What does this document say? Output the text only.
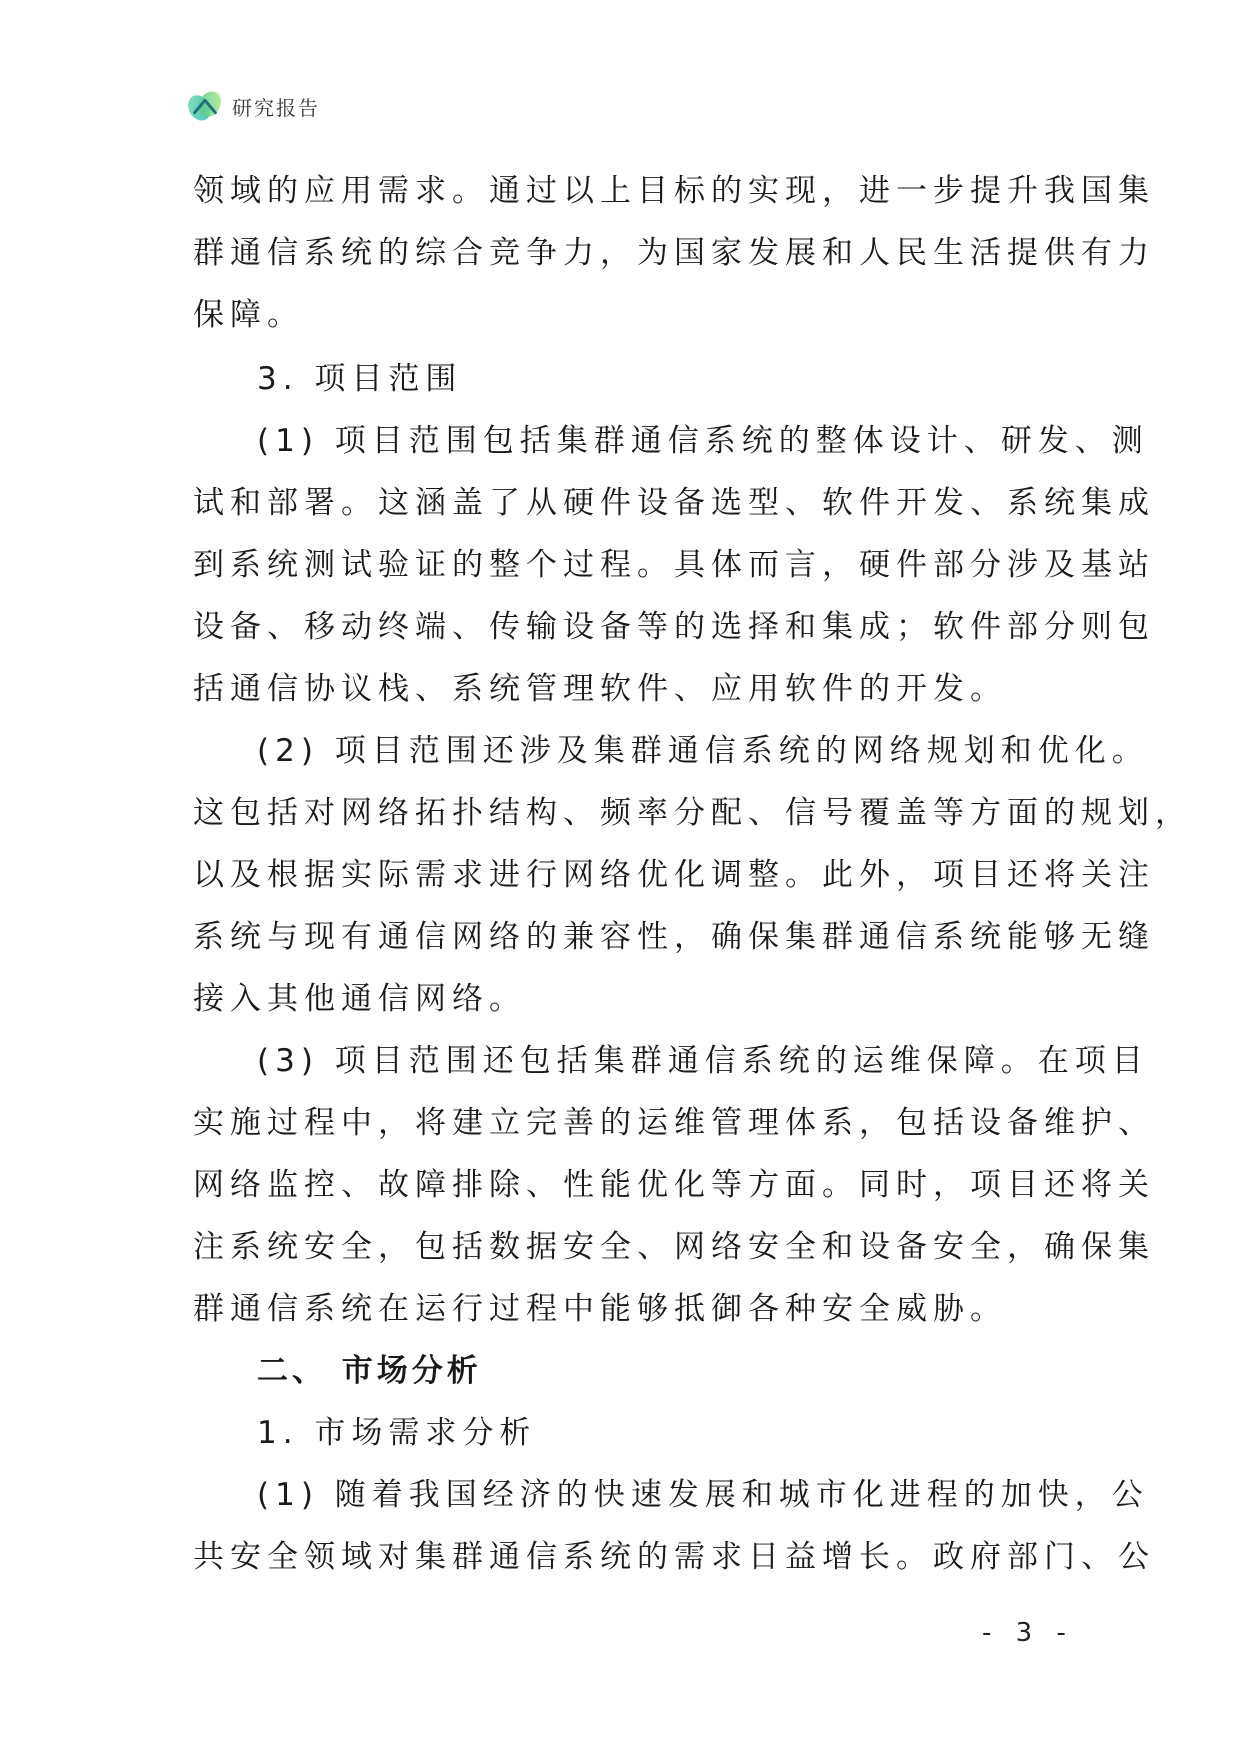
研究报告
领域的应用需求。通过以上目标的实现，进一步提升我国集
群通信系统的综合竞争力，为国家发展和人民生活提供有力
保障。
3. 项目范围
(1) 项目范围包括集群通信系统的整体设计、研发、测
试和部署。这涵盖了从硬件设备选型、软件开发、系统集成
到系统测试验证的整个过程。具体而言，硬件部分涉及基站
设备、移动终端、传输设备等的选择和集成；软件部分则包
括通信协议栈、系统管理软件、应用软件的开发。
(2) 项目范围还涉及集群通信系统的网络规划和优化。
这包括对网络拓扑结构、频率分配、信号覆盖等方面的规划，
以及根据实际需求进行网络优化调整。此外，项目还将关注
系统与现有通信网络的兼容性，确保集群通信系统能够无缝
接入其他通信网络。
(3) 项目范围还包括集群通信系统的运维保障。在项目
实施过程中，将建立完善的运维管理体系，包括设备维护、
网络监控、故障排除、性能优化等方面。同时，项目还将关
注系统安全，包括数据安全、网络安全和设备安全，确保集
群通信系统在运行过程中能够抵御各种安全威胁。
二、 市场分析
1. 市场需求分析
(1) 随着我国经济的快速发展和城市化进程的加快，公
共安全领域对集群通信系统的需求日益增长。政府部门、公
- 3 -
